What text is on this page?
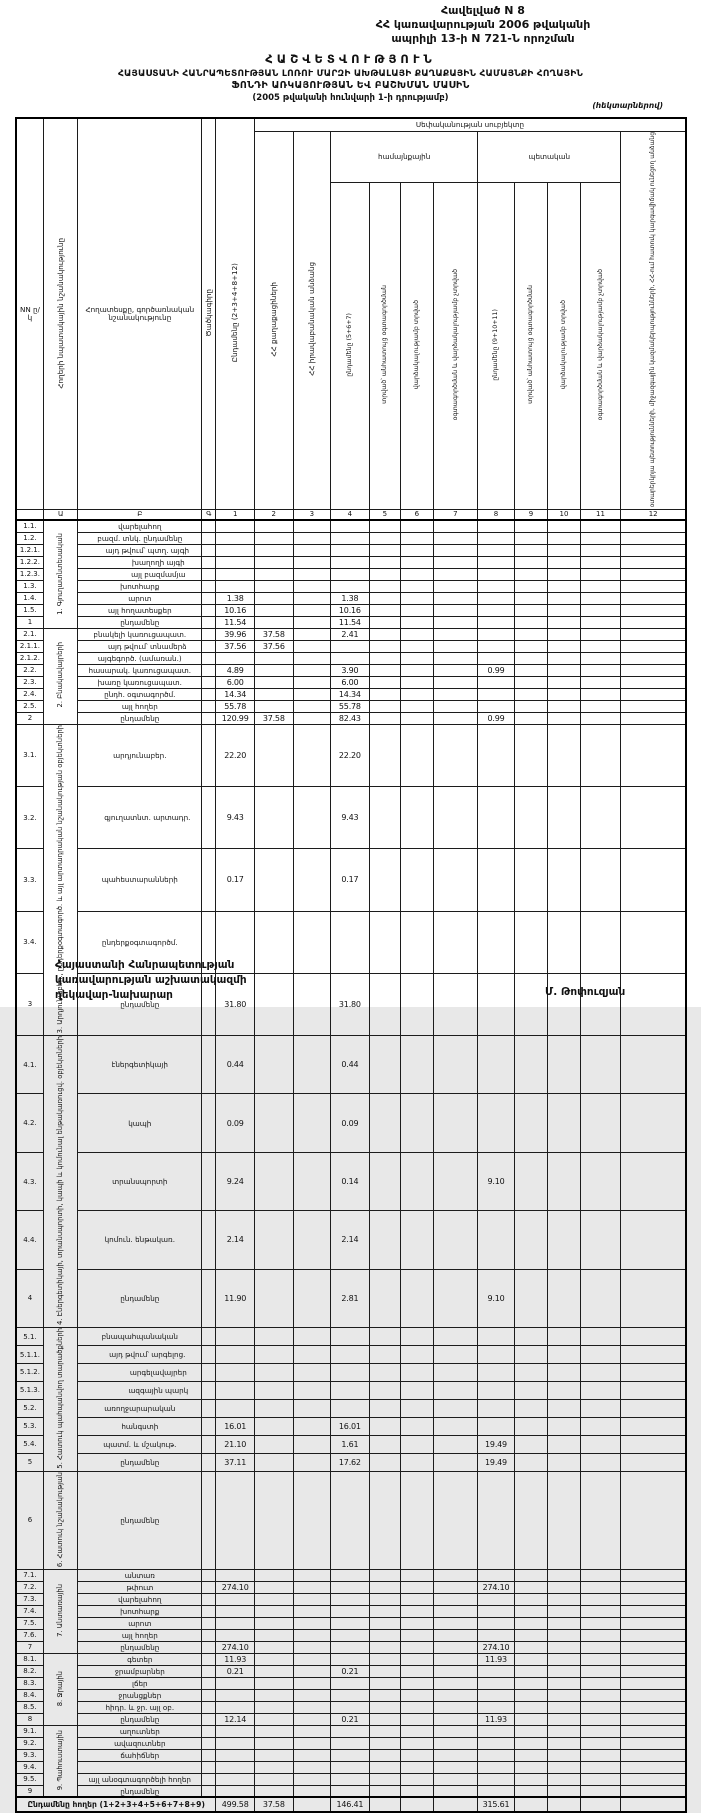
Հավելված N 8
ՀՀ կառավարության 2006 թվականի
ապրիլի 13-ի N 721-Ն որոշման
ՀԱՇՎԵՏՎՈՒԹՅՈՒՆ
ՀԱՅԱՍՏԱՆԻ ՀԱՆՐԱՊԵՏՈՒԹՅԱՆ ԼՈՌՈՒ ՄԱՐԶԻ ԱԽԹԱԼԱՅԻ ՔԱՂԱՔԱՅԻՆ ՀԱՄԱՅՆՔԻ ՀՈՂԱՅԻՆ
ՖՈՆԴԻ ԱՌԿԱՅՈՒԹՅԱՆ ԵՎ ԲԱՇԽՄԱՆ ՄԱՍԻՆ
(2005 թվականի հունվարի 1-ի դրությամբ)
(հեկտարներով)
NN ը/կ	Հողերի նպատակային նշանակությունը	Հողատեսքը, գործառնական նշանակությունը	Ծածկագիրը	Ընդամենը (2+3+4+8+12)	Սեփականության սուբյեկտը										
					ՀՀ քաղաքացիների	ՀՀ իրավաբանական անձանց	համայնքային				պետական				օտարերկրյա պետությունների, միջազգային կազմակերպությունների, ՀՀ-ում հատուկ կարգավիճակ ունեցող անձանց
							ընդամենը (5+6+7)	տրված՝ անհատույց օգտագործման	վարձակալությամբ տրված	օգտագործման և վարձակալությամբ չտրված	ընդամենը (9+10+11)	տրված՝ անհատույց օգտագործման	վարձակալությամբ տրված	օգտագործման և վարձակալությամբ չտրված	
	Ա	Բ	Գ	1	2	3	4	5	6	7	8	9	10	11	12
1.1.	1. Գյուղատնտեսական	վարելահող													
1.2.		բազմ. տնկ. ընդամենը													
1.2.1.		այդ թվում՝ պտղ. այգի													
1.2.2.		խաղողի այգի													
1.2.3.		այլ բազմամյա													
1.3.		խոտհարք													
1.4.		արոտ		1.38			1.38								
1.5.		այլ հողատեսքեր		10.16			10.16								
1		ընդամենը		11.54			11.54								
2.1.	2. Բնակավայրերի	բնակելի կառուցապատ.		39.96	37.58		2.41								
2.1.1.		այդ թվում՝ տնամերձ		37.56	37.56										
2.1.2.		այգեգործ. (ամառան.)													
2.2.		հասարակ. կառուցապատ.		4.89			3.90				0.99				
2.3.		խառը կառուցապատ.		6.00			6.00								
2.4.		ընդհ. օգտագործմ.		14.34			14.34								
2.5.		այլ հողեր		55.78			55.78								
2		ընդամենը		120.99	37.58		82.43				0.99				
3.1.	3. Արդյունաբեր., ընդերքօգտագործ. և այլ արտադրական նշանակության օբյեկտների	արդյունաբեր.		22.20			22.20								
3.2.		գյուղատնտ. արտադր.		9.43			9.43								
3.3.		պահեստարանների		0.17			0.17								
3.4.		ընդերքօգտագործմ.													
3		ընդամենը		31.80			31.80								
4.1.	4. Էներգետիկայի, տրանսպորտի, կապի և կոմունալ ենթակառուցվ. օբյեկտների	էներգետիկայի		0.44			0.44								
4.2.		կապի		0.09			0.09								
4.3.		տրանսպորտի		9.24			0.14				9.10				
4.4.		կոմուն. ենթակառ.		2.14			2.14								
4		ընդամենը		11.90			2.81				9.10				
5.1.	5. Հատուկ պահպանվող տարածքների	բնապահպանական													
5.1.1.		այդ թվում՝ արգելոց.													
5.1.2.		արգելավայրեր													
5.1.3.		ազգային պարկ													
5.2.		առողջարարական													
5.3.		հանգստի		16.01			16.01								
5.4.		պատմ. և մշակութ.		21.10			1.61				19.49				
5		ընդամենը		37.11			17.62				19.49				
6	6. Հատուկ նշանակության	ընդամենը													
7.1.	7. Անտառային	անտառ													
7.2.		թփուտ		274.10							274.10				
7.3.		վարելահող													
7.4.		խոտհարք													
7.5.		արոտ													
7.6.		այլ հողեր													
7		ընդամենը		274.10							274.10				
8.1.	8. Ջրային	գետեր		11.93							11.93				
8.2.		ջրամբարներ		0.21			0.21								
8.3.		լճեր													
8.4.		ջրանցքներ													
8.5.		հիդր. և ջր. այլ օբ.													
8		ընդամենը		12.14			0.21				11.93				
9.1.	9. Պահուստային	աղուտներ													
9.2.		ավազուտներ													
9.3.		ճահիճներ													
9.4.															
9.5.		այլ անօգտագործելի հողեր													
9		ընդամենը													
Ընդամենը հողեր (1+2+3+4+5+6+7+8+9)				499.58	37.58		146.41				315.61				
Հայաստանի Հանրապետության
կառավարության աշխատակազմի
ղեկավար-նախարար	Մ. Թոփուզյան
